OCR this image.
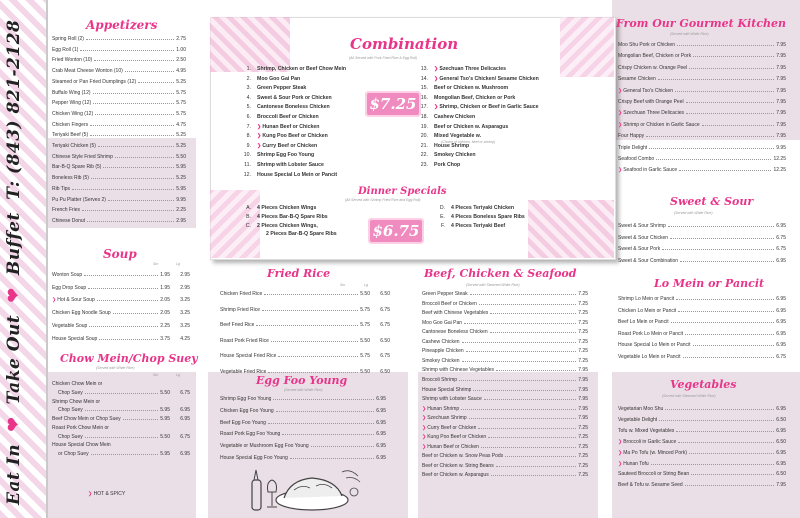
Eat In ❤ Take Out ❤ Buffet T: (843) 821-2128	Appetizers
Spring Roll (2)	2.75
Egg Roll (1)	1.00
Fried Wonton (10)	2.50
Crab Meat Cheese Wonton (10)	4.95
Steamed or Pan Fried Dumplings (12)	5.25
Buffalo Wing (12)	5.75
Pepper Wing (12)	5.75
Chicken Wing (12)	5.75
Chicken Fingers	4.75
Teriyaki Beef (5)	5.25
Teriyaki Chicken (5)	5.25
Chinese Style Fried Shrimp	5.50
Bar-B-Q Spare Rib (5)	5.95
Boneless Rib (5)	5.25
Rib Tips	5.95
Pu Pu Platter (Serves 2)	9.95
French Fries	2.25
Chinese Donut	2.95
Soup
Sm	Lg
Wonton Soup	1.95	2.95
Egg Drop Soup	1.95	2.95
❯ Hot & Sour Soup	2.05	3.25
Chicken Egg Noodle Soup	2.05	3.25
Vegetable Soup	2.25	3.25
House Special Soup	3.75	4.25
Chow Mein/Chop Suey
(Served with White Rice)
Sm	Lg
Chicken Chow Mein or
Chop Suey	5.50	6.75
Shrimp Chow Mein or
Chop Suey	5.95	6.95
Beef Chow Mein or Chop Suey	5.95	6.95
Roast Pork Chow Mein or
Chop Suey	5.50	6.75
House Special Chow Mein
or Chop Suey	5.95	6.95
❯ HOT & SPICY
Combination
(All Served with Pork Fried Rice & Egg Roll)
$7.25
1. Shrimp, Chicken or Beef Chow Mein
2. Moo Goo Gai Pan
3. Green Pepper Steak
4. Sweet & Sour Pork or Chicken
5. Cantonese Boneless Chicken
6. Broccoli Beef or Chicken
7. ❯Hunan Beef or Chicken
8. ❯Kung Poo Beef or Chicken
9. ❯Curry Beef or Chicken
10. Shrimp Egg Foo Young
11. Shrimp with Lobster Sauce
12. House Special Lo Mein or Pancit
13. ❯Szechuan Three Delicacies
14. ❯General Tso's Chicken/ Sesame Chicken
15. Beef or Chicken w. Mushroom
16. Mongolian Beef, Chicken or Pork
17. ❯Shrimp, Chicken or Beef in Garlic Sauce
18. Cashew Chicken
19. Beef or Chicken w. Asparagus
20. Mixed Vegetable w.
(Choice of chicken, beef or shrimp)
21. House Shrimp
22. Smokey Chicken
23. Pork Chop
Dinner Specials
(All Served with Shrimp Fried Rice and Egg Roll)
$6.75
A. 4 Pieces Chicken Wings
B. 4 Pieces Bar-B-Q Spare Ribs
C. 2 Pieces Chicken Wings,
2 Pieces Bar-B-Q Spare Ribs
D. 4 Pieces Teriyaki Chicken
E. 4 Pieces Boneless Spare Ribs
F. 4 Pieces Teriyaki Beef
Fried Rice
Sm	Lg
Chicken Fried Rice	5.50	6.50
Shrimp Fried Rice	5.75	6.75
Beef Fried Rice	5.75	6.75
Roast Pork Fried Rice	5.50	6.50
House Special Fried Rice	5.75	6.75
Vegetable Fried Rice	5.50	6.50
Egg Foo Young
(Served with White Rice)
Shrimp Egg Foo Young	6.95
Chicken Egg Foo Young	6.95
Beef Egg Foo Young	6.95
Roast Pork Egg Foo Young	6.95
Vegetable or Mushroom Egg Foo Young	6.95
House Special Egg Foo Young	6.95
Beef, Chicken & Seafood
(Served with Steamed White Rice)
Green Pepper Steak	7.25
Broccoli Beef or Chicken	7.25
Beef with Chinese Vegetables	7.25
Moo Goo Gai Pan	7.25
Cantonese Boneless Chicken	7.25
Cashew Chicken	7.25
Pineapple Chicken	7.25
Smokey Chicken	7.25
Shrimp with Chinese Vegetables	7.95
Broccoli Shrimp	7.95
House Special Shrimp	7.95
Shrimp with Lobster Sauce	7.95
❯ Hunan Shrimp	7.95
❯ Szechuan Shrimp	7.95
❯ Curry Beef or Chicken	7.25
❯ Kung Poo Beef or Chicken	7.25
❯ Hunan Beef or Chicken	7.25
Beef or Chicken w. Snow Peas Pods	7.25
Beef or Chicken w. String Beans	7.25
Beef or Chicken w. Asparagus	7.25
From Our Gourmet Kitchen
(Served with White Rice)
Moo Shu Pork or Chicken	7.95
Mongolian Beef, Chicken or Pork	7.95
Crispy Chicken w. Orange Peel	7.95
Sesame Chicken	7.95
❯ General Tso's Chicken	7.95
Crispy Beef with Orange Peel	7.95
❯ Szechuan Three Delicacies	7.95
❯ Shrimp or Chicken in Garlic Sauce	7.95
Four Happy	7.95
Triple Delight	9.95
Seafood Combo	12.25
❯ Seafood in Garlic Sauce	12.25
Sweet & Sour
(Served with White Rice)
Sweet & Sour Shrimp	6.95
Sweet & Sour Chicken	6.75
Sweet & Sour Pork	6.75
Sweet & Sour Combination	6.95
Lo Mein or Pancit
Shrimp Lo Mein or Pancit	6.95
Chicken Lo Mein or Pancit	6.95
Beef Lo Mein or Pancit	6.95
Roast Pork Lo Mein or Pancit	6.95
House Special Lo Mein or Pancit	6.95
Vegetable Lo Mein or Pancit	6.75
Vegetables
(Served with Steamed White Rice)
Vegetarian Moo Shu	6.95
Vegetable Delight	6.50
Tofu w. Mixed Vegetables	6.95
❯ Broccoli in Garlic Sauce	6.50
❯ Ma Po Tofu (w. Minced Pork)	6.95
❯ Hunan Tofu	6.95
Sauteed Broccoli or String Bean	6.50
Beef & Tofu w. Sesame Seed	7.95
